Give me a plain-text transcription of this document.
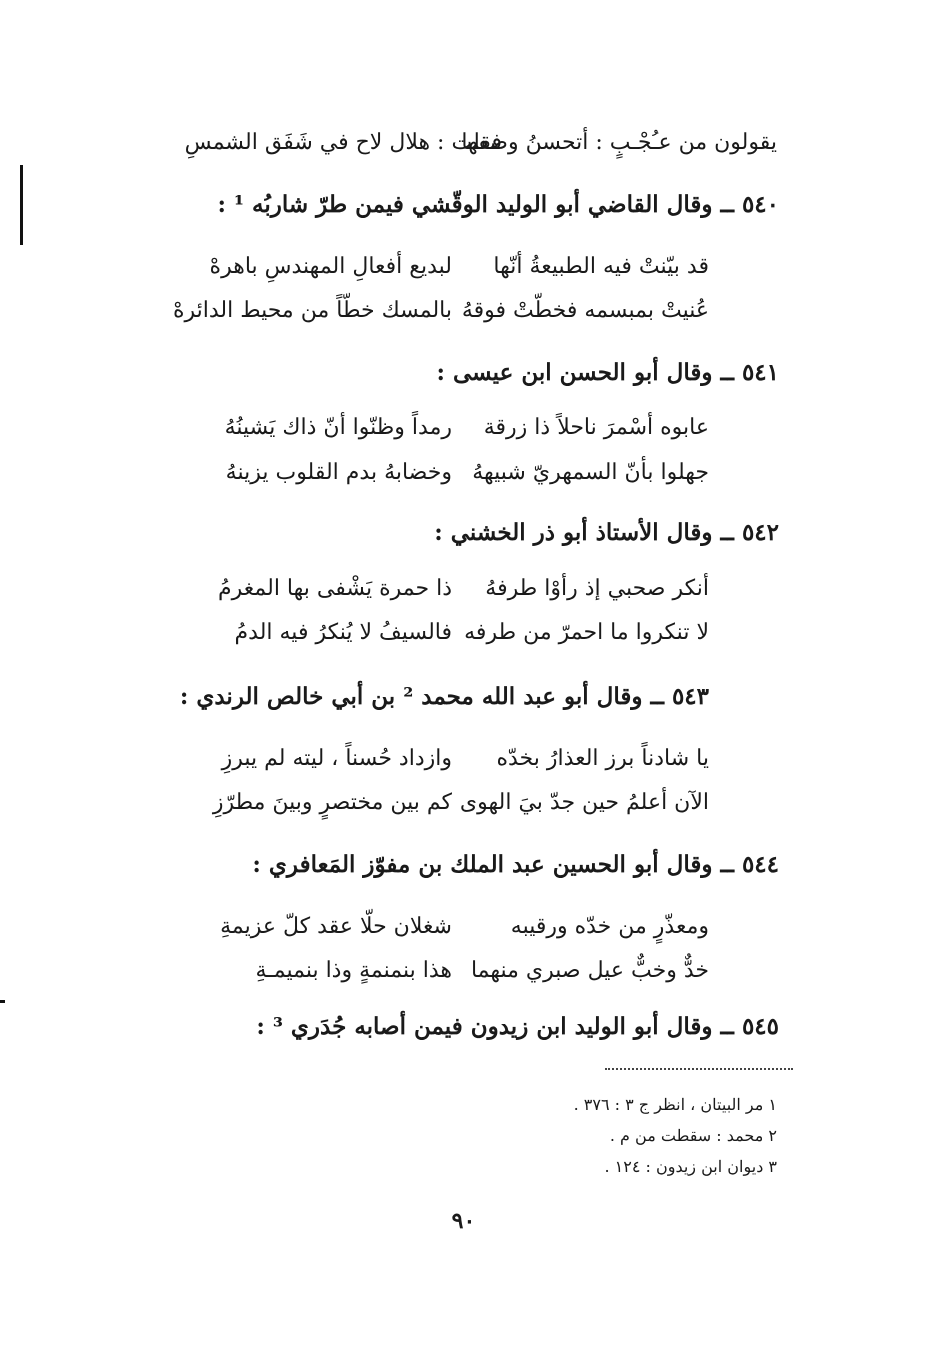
يقولون من عـُجْـبٍ : أتحسنُ وصفها
فقلت : هلال لاح في شَفَق الشمسِ
٥٤٠ ــ وقال القاضي أبو الوليد الوقّشي فيمن طرّ شاربُه ¹ :
قد بيّنتْ فيه الطبيعةُ أنّها
لبديع أفعالِ المهندسِ باهرهْ
عُنيتْ بمبسمه فخطّتْ فوقهُ
بالمسك خطّاً من محيط الدائرهْ
٥٤١ ــ وقال أبو الحسن ابن عيسى :
عابوه أسْمرَ ناحلاً ذا زرقة
رمداً وظنّوا أنّ ذاك يَشينُهُ
جهلوا بأنّ السمهريّ شبيههُ
وخضابهُ بدم القلوب يزينهُ
٥٤٢ ــ وقال الأستاذ أبو ذر الخشني :
أنكر صحبي إذ رأوْا طرفهُ
ذا حمرة يَشْفى بها المغرمُ
لا تنكروا ما احمرّ من طرفه
فالسيفُ لا يُنكرُ فيه الدمُ
٥٤٣ ــ وقال أبو عبد الله محمد ² بن أبي خالص الرندي :
يا شادناً برز العذارُ بخدّه
وازداد حُسناً ، ليته لم يبرزِ
الآن أعلمُ حين جدّ بيَ الهوى
كم بين مختصرٍ وبينَ مطرّزِ
٥٤٤ ــ وقال أبو الحسين عبد الملك بن مفوّز المَعافري :
ومعذّرٍ من خدّه ورقيبه
شغلان حلّا عقد كلّ عزيمةِ
خدٌّ وخبٌّ عيل صبري منهما
هذا بنمنمةٍ وذا بنميمـةِ
٥٤٥ ــ وقال أبو الوليد ابن زيدون فيمن أصابه جُدَري ³ :
١ مر البيتان ، انظر ج ٣ : ٣٧٦ .
٢ محمد : سقطت من م .
٣ ديوان ابن زيدون : ١٢٤ .
٩٠
